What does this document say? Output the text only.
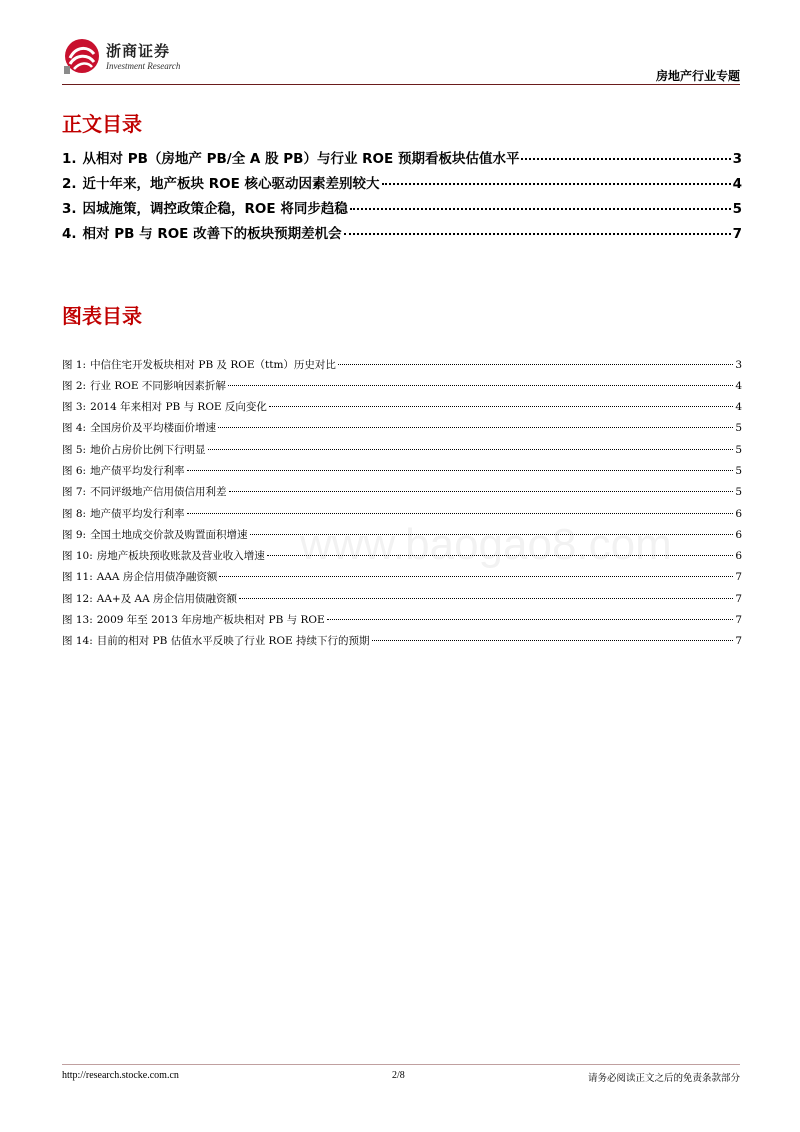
浙商证券
Investment Research
房地产行业专题
正文目录
1. 从相对 PB（房地产 PB/全 A 股 PB）与行业 ROE 预期看板块估值水平	3
2. 近十年来，地产板块 ROE 核心驱动因素差别较大	4
3. 因城施策，调控政策企稳，ROE 将同步趋稳	5
4. 相对 PB 与 ROE 改善下的板块预期差机会	7
图表目录
图 1: 中信住宅开发板块相对 PB 及 ROE（ttm）历史对比	3
图 2: 行业 ROE 不同影响因素折解	4
图 3: 2014 年来相对 PB 与 ROE 反向变化	4
图 4: 全国房价及平均楼面价增速	5
图 5: 地价占房价比例下行明显	5
图 6: 地产债平均发行利率	5
图 7: 不同评级地产信用债信用利差	5
图 8: 地产债平均发行利率	6
图 9: 全国土地成交价款及购置面积增速	6
图 10: 房地产板块预收账款及营业收入增速	6
图 11: AAA 房企信用债净融资额	7
图 12: AA+及 AA 房企信用债融资额	7
图 13: 2009 年至 2013 年房地产板块相对 PB 与 ROE	7
图 14: 目前的相对 PB 估值水平反映了行业 ROE 持续下行的预期	7
www.baogao8.com
http://research.stocke.com.cn	2/8	请务必阅读正文之后的免责条款部分
